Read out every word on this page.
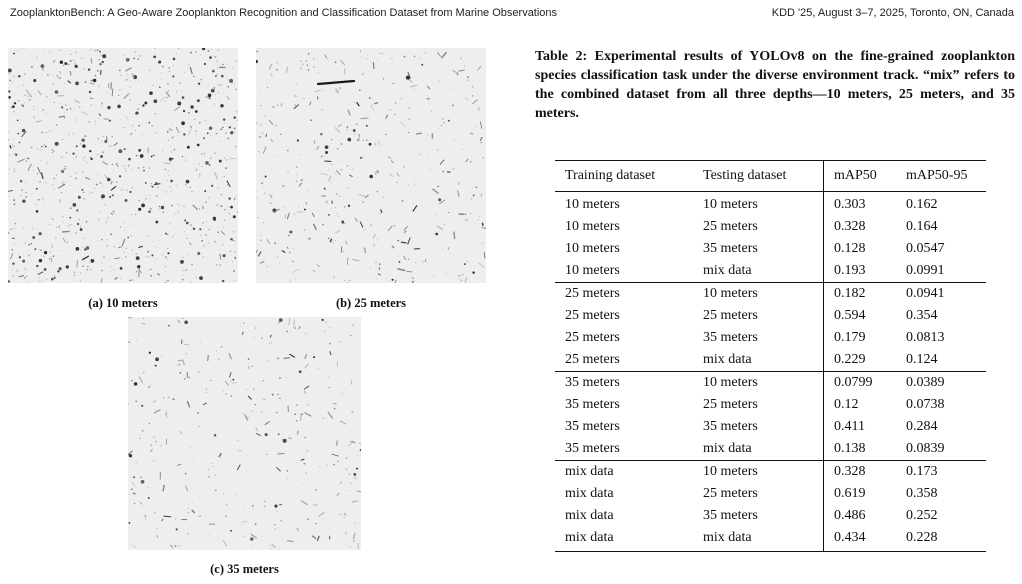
ZooplanktonBench: A Geo-Aware Zooplankton Recognition and Classification Dataset from Marine Observations	KDD '25, August 3–7, 2025, Toronto, ON, Canada
(a) 10 meters	(b) 25 meters
(c) 35 meters
Table 2: Experimental results of YOLOv8 on the fine-grained zooplankton species classification task under the diverse environment track. “mix” refers to the combined dataset from all three depths—10 meters, 25 meters, and 35 meters.
Training dataset	Testing dataset	mAP50	mAP50-95
10 meters	10 meters	0.303	0.162
10 meters	25 meters	0.328	0.164
10 meters	35 meters	0.128	0.0547
10 meters	mix data	0.193	0.0991
25 meters	10 meters	0.182	0.0941
25 meters	25 meters	0.594	0.354
25 meters	35 meters	0.179	0.0813
25 meters	mix data	0.229	0.124
35 meters	10 meters	0.0799	0.0389
35 meters	25 meters	0.12	0.0738
35 meters	35 meters	0.411	0.284
35 meters	mix data	0.138	0.0839
mix data	10 meters	0.328	0.173
mix data	25 meters	0.619	0.358
mix data	35 meters	0.486	0.252
mix data	mix data	0.434	0.228
